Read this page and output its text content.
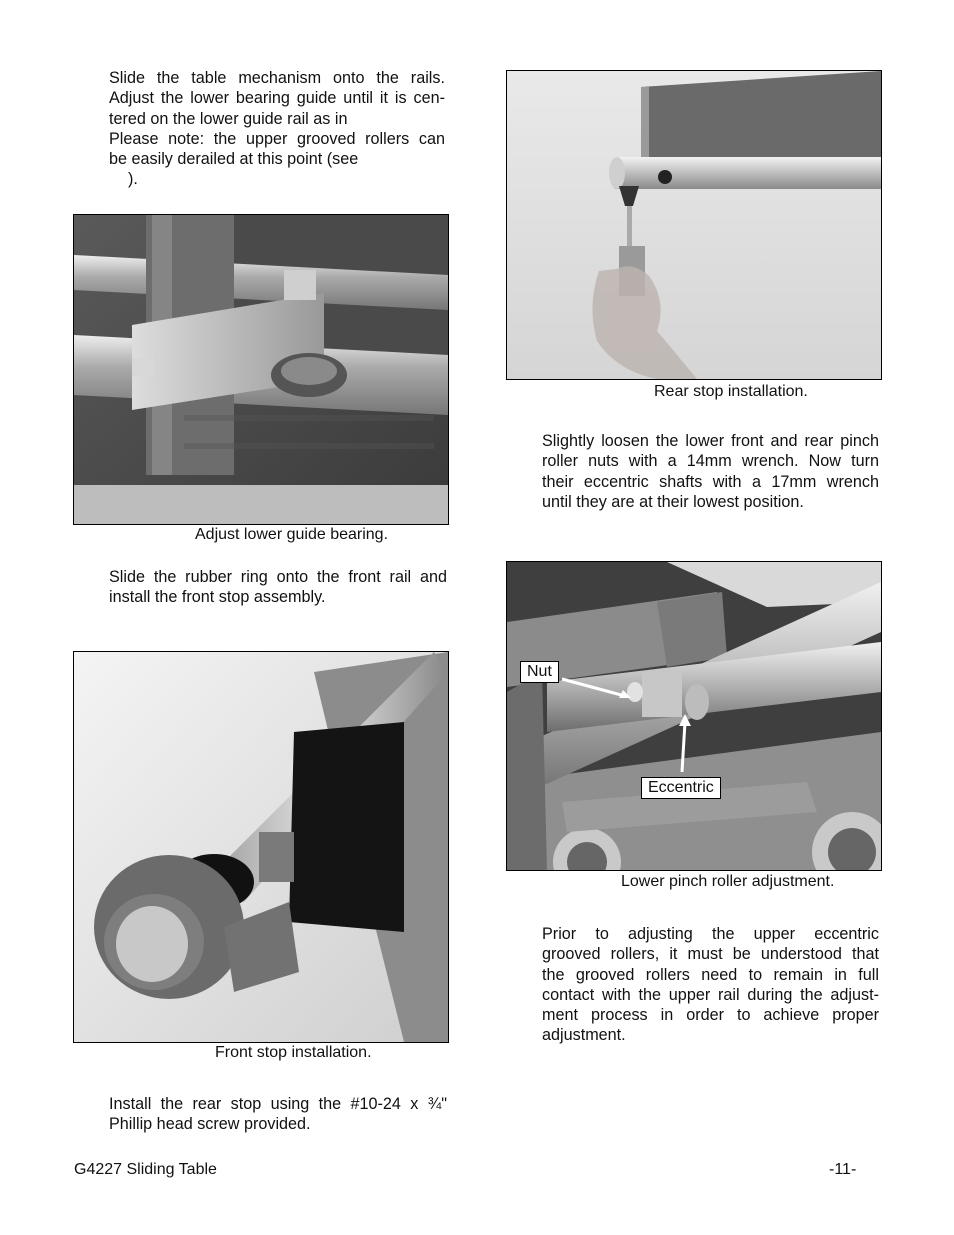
Slide the table mechanism onto the rails.
Adjust the lower bearing guide until it is cen-
tered on the lower guide rail as in
Please note: the upper grooved rollers can
be easily derailed at this point (see
).
Adjust lower guide bearing.
Slide the rubber ring onto the front rail and
install the front stop assembly.
Front stop installation.
Install the rear stop using the #10-24 x ¾"
Phillip head screw provided.
Rear stop installation.
Slightly loosen the lower front and rear pinch
roller nuts with a 14mm wrench. Now turn
their eccentric shafts with a 17mm wrench
until they are at their lowest position.
Nut
Eccentric
Lower pinch roller adjustment.
Prior to adjusting the upper eccentric
grooved rollers, it must be understood that
the grooved rollers need to remain in full
contact with the upper rail during the adjust-
ment process in order to achieve proper
adjustment.
G4227 Sliding Table	-11-
